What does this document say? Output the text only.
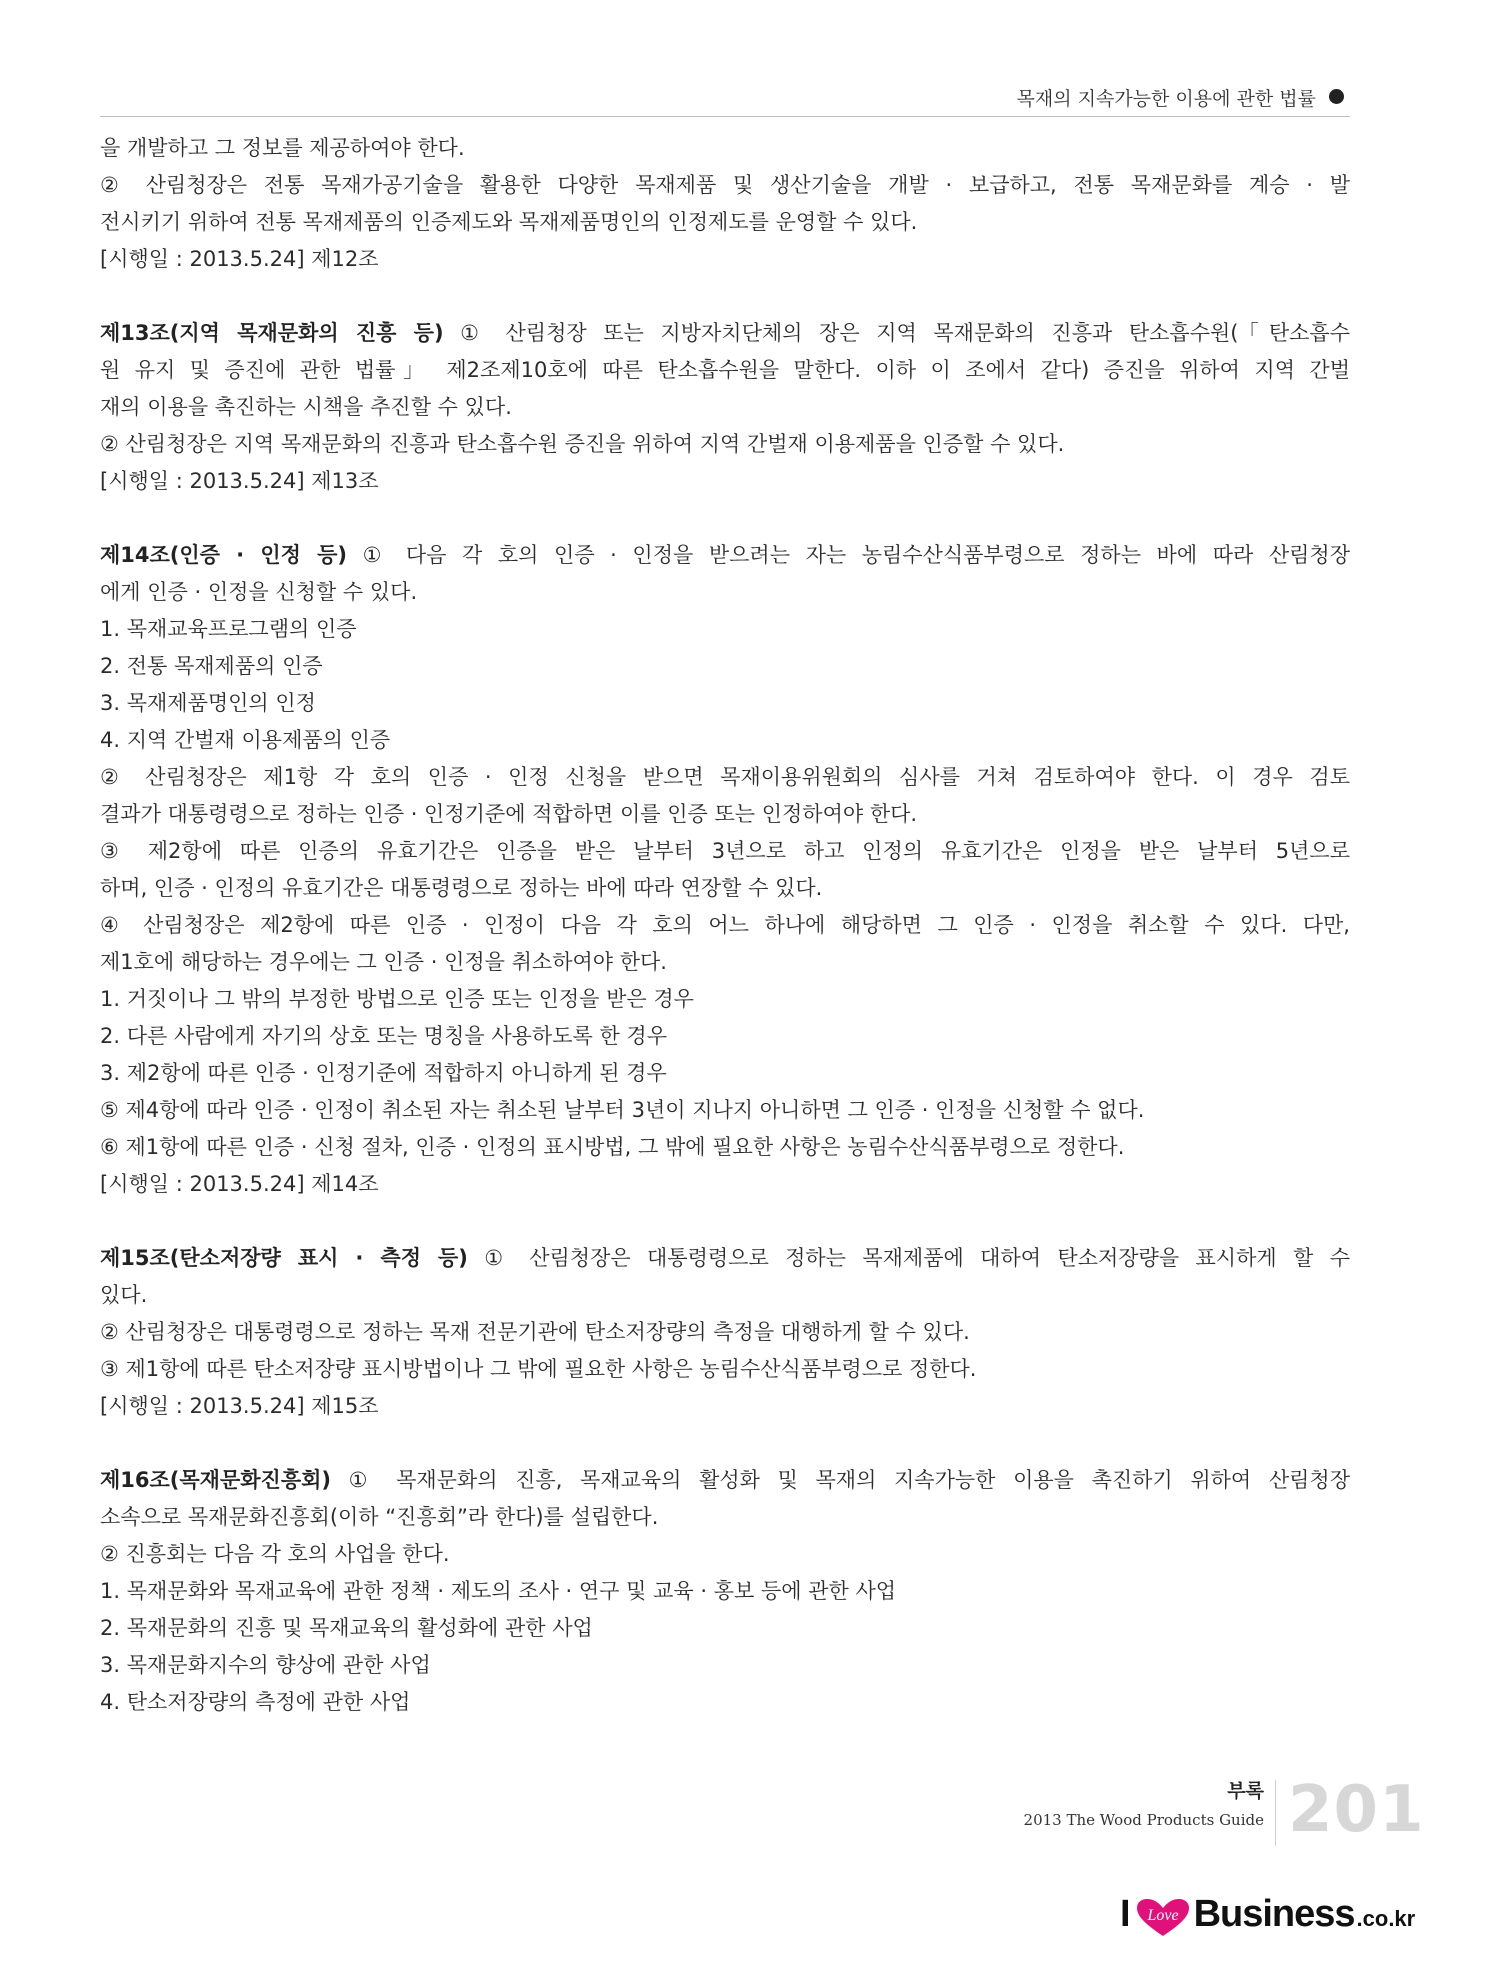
목재의 지속가능한 이용에 관한 법률
을 개발하고 그 정보를 제공하여야 한다.
② 산림청장은 전통 목재가공기술을 활용한 다양한 목재제품 및 생산기술을 개발 · 보급하고, 전통 목재문화를 계승 · 발
전시키기 위하여 전통 목재제품의 인증제도와 목재제품명인의 인정제도를 운영할 수 있다.
[시행일 : 2013.5.24] 제12조
제13조(지역 목재문화의 진흥 등) ① 산림청장 또는 지방자치단체의 장은 지역 목재문화의 진흥과 탄소흡수원(「탄소흡수
원 유지 및 증진에 관한 법률」 제2조제10호에 따른 탄소흡수원을 말한다. 이하 이 조에서 같다) 증진을 위하여 지역 간벌
재의 이용을 촉진하는 시책을 추진할 수 있다.
② 산림청장은 지역 목재문화의 진흥과 탄소흡수원 증진을 위하여 지역 간벌재 이용제품을 인증할 수 있다.
[시행일 : 2013.5.24] 제13조
제14조(인증 · 인정 등) ① 다음 각 호의 인증 · 인정을 받으려는 자는 농림수산식품부령으로 정하는 바에 따라 산림청장
에게 인증 · 인정을 신청할 수 있다.
1. 목재교육프로그램의 인증
2. 전통 목재제품의 인증
3. 목재제품명인의 인정
4. 지역 간벌재 이용제품의 인증
② 산림청장은 제1항 각 호의 인증 · 인정 신청을 받으면 목재이용위원회의 심사를 거쳐 검토하여야 한다. 이 경우 검토
결과가 대통령령으로 정하는 인증 · 인정기준에 적합하면 이를 인증 또는 인정하여야 한다.
③ 제2항에 따른 인증의 유효기간은 인증을 받은 날부터 3년으로 하고 인정의 유효기간은 인정을 받은 날부터 5년으로
하며, 인증 · 인정의 유효기간은 대통령령으로 정하는 바에 따라 연장할 수 있다.
④ 산림청장은 제2항에 따른 인증 · 인정이 다음 각 호의 어느 하나에 해당하면 그 인증 · 인정을 취소할 수 있다. 다만,
제1호에 해당하는 경우에는 그 인증 · 인정을 취소하여야 한다.
1. 거짓이나 그 밖의 부정한 방법으로 인증 또는 인정을 받은 경우
2. 다른 사람에게 자기의 상호 또는 명칭을 사용하도록 한 경우
3. 제2항에 따른 인증 · 인정기준에 적합하지 아니하게 된 경우
⑤ 제4항에 따라 인증 · 인정이 취소된 자는 취소된 날부터 3년이 지나지 아니하면 그 인증 · 인정을 신청할 수 없다.
⑥ 제1항에 따른 인증 · 신청 절차, 인증 · 인정의 표시방법, 그 밖에 필요한 사항은 농림수산식품부령으로 정한다.
[시행일 : 2013.5.24] 제14조
제15조(탄소저장량 표시 · 측정 등) ① 산림청장은 대통령령으로 정하는 목재제품에 대하여 탄소저장량을 표시하게 할 수
있다.
② 산림청장은 대통령령으로 정하는 목재 전문기관에 탄소저장량의 측정을 대행하게 할 수 있다.
③ 제1항에 따른 탄소저장량 표시방법이나 그 밖에 필요한 사항은 농림수산식품부령으로 정한다.
[시행일 : 2013.5.24] 제15조
제16조(목재문화진흥회) ① 목재문화의 진흥, 목재교육의 활성화 및 목재의 지속가능한 이용을 촉진하기 위하여 산림청장
소속으로 목재문화진흥회(이하 “진흥회”라 한다)를 설립한다.
② 진흥회는 다음 각 호의 사업을 한다.
1. 목재문화와 목재교육에 관한 정책 · 제도의 조사 · 연구 및 교육 · 홍보 등에 관한 사업
2. 목재문화의 진흥 및 목재교육의 활성화에 관한 사업
3. 목재문화지수의 향상에 관한 사업
4. 탄소저장량의 측정에 관한 사업
부록
2013 The Wood Products Guide 201
I Love Business .co.kr
